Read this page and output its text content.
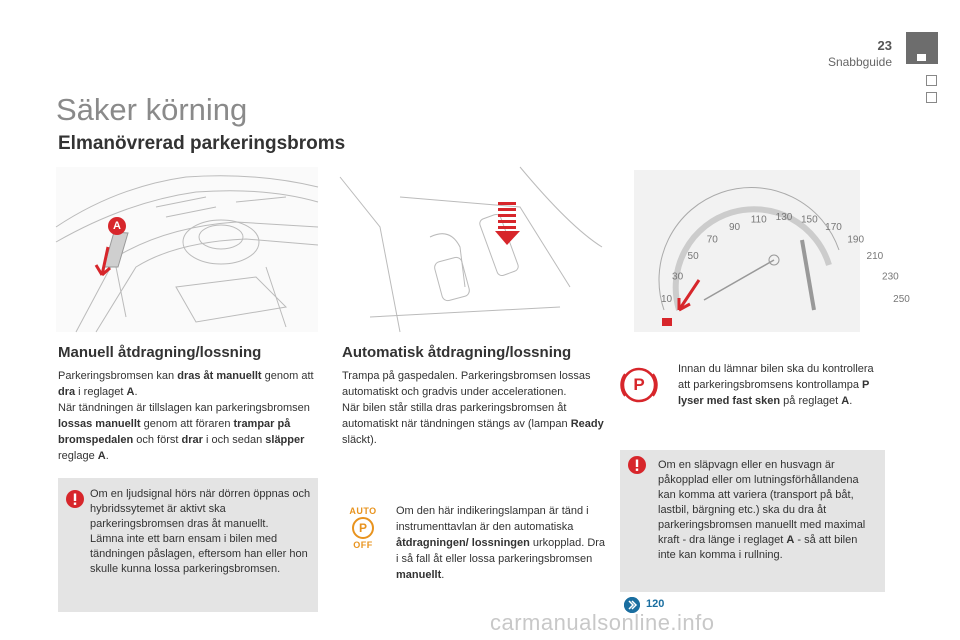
23
Snabbguide
Säker körning
Elmanövrerad parkeringsbroms
A
10
30
50
70
90
110 130 150
170
190
210
230
250
Manuell åtdragning/lossning
Parkeringsbromsen kan dras åt manuellt genom att dra i reglaget A.
När tändningen är tillslagen kan parkeringsbromsen lossas manuellt genom att föraren trampar på bromspedalen och först drar i och sedan släpper reglage A.
Om en ljudsignal hörs när dörren öppnas och hybridssytemet är aktivt ska parkeringsbromsen dras åt manuellt.
Lämna inte ett barn ensam i bilen med tändningen påslagen, eftersom han eller hon skulle kunna lossa parkeringsbromsen.
Automatisk åtdragning/lossning
Trampa på gaspedalen. Parkeringsbromsen lossas automatiskt och gradvis under accelerationen.
När bilen står stilla dras parkeringsbromsen åt automatiskt när tändningen stängs av (lampan Ready släckt).
AUTO
P
OFF
Om den här indikeringslampan är tänd i instrumenttavlan är den automatiska åtdragningen/ lossningen urkopplad. Dra i så fall åt eller lossa parkeringsbromsen manuellt.
P
Innan du lämnar bilen ska du kontrollera att parkeringsbromsens kontrollampa P lyser med fast sken på reglaget A.
Om en släpvagn eller en husvagn är påkopplad eller om lutningsförhållandena kan komma att variera (transport på båt, lastbil, bärgning etc.) ska du dra åt parkeringsbromsen manuellt med maximal kraft - dra länge i reglaget A - så att bilen inte kan komma i rullning.
120
carmanualsonline.info
